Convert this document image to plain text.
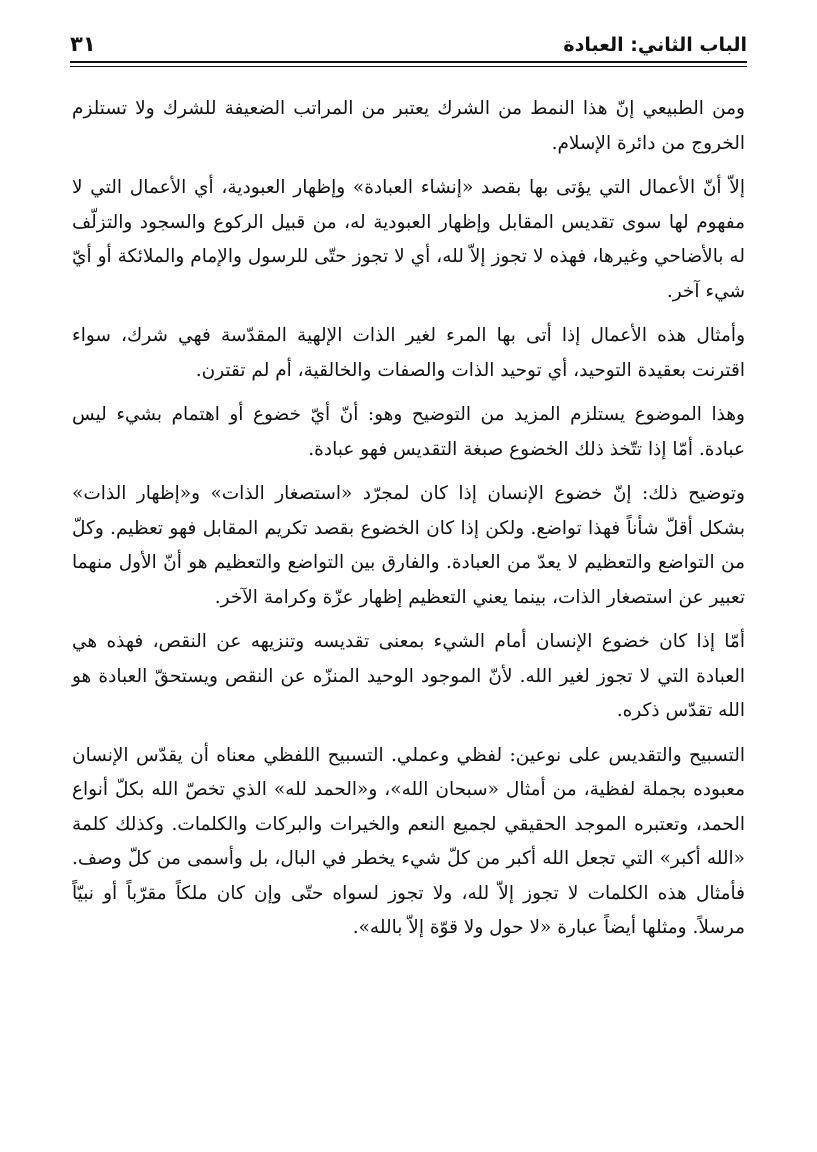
الباب الثاني: العبادة
٣١

ومن الطبيعي إنّ هذا النمط من الشرك يعتبر من المراتب الضعيفة للشرك ولا تستلزم الخروج من دائرة الإسلام.

إلاّ أنّ الأعمال التي يؤتى بها بقصد «إنشاء العبادة» وإظهار العبودية، أي الأعمال التي لا مفهوم لها سوى تقديس المقابل وإظهار العبودية له، من قبيل الركوع والسجود والتزلّف له بالأضاحي وغيرها، فهذه لا تجوز إلاّ لله، أي لا تجوز حتّى للرسول والإمام والملائكة أو أيّ شيء آخر.

وأمثال هذه الأعمال إذا أتى بها المرء لغير الذات الإلهية المقدّسة فهي شرك، سواء اقترنت بعقيدة التوحيد، أي توحيد الذات والصفات والخالقية، أم لم تقترن.

وهذا الموضوع يستلزم المزيد من التوضيح وهو: أنّ أيّ خضوع أو اهتمام بشيء ليس عبادة. أمّا إذا تتّخذ ذلك الخضوع صبغة التقديس فهو عبادة.

وتوضيح ذلك: إنّ خضوع الإنسان إذا كان لمجرّد «استصغار الذات» و«إظهار الذات» بشكل أقلّ شأناً فهذا تواضع. ولكن إذا كان الخضوع بقصد تكريم المقابل فهو تعظيم. وكلّ من التواضع والتعظيم لا يعدّ من العبادة. والفارق بين التواضع والتعظيم هو أنّ الأول منهما تعبير عن استصغار الذات، بينما يعني التعظيم إظهار عزّة وكرامة الآخر.

أمّا إذا كان خضوع الإنسان أمام الشيء بمعنى تقديسه وتنزيهه عن النقص، فهذه هي العبادة التي لا تجوز لغير الله. لأنّ الموجود الوحيد المنزّه عن النقص ويستحقّ العبادة هو الله تقدّس ذكره.

التسبيح والتقديس على نوعين: لفظي وعملي. التسبيح اللفظي معناه أن يقدّس الإنسان معبوده بجملة لفظية، من أمثال «سبحان الله»، و«الحمد لله» الذي تخصّ الله بكلّ أنواع الحمد، وتعتبره الموجد الحقيقي لجميع النعم والخيرات والبركات والكلمات. وكذلك كلمة «الله أكبر» التي تجعل الله أكبر من كلّ شيء يخطر في البال، بل وأسمى من كلّ وصف. فأمثال هذه الكلمات لا تجوز إلاّ لله، ولا تجوز لسواه حتّى وإن كان ملكاً مقرّباً أو نبيّاً مرسلاً. ومثلها أيضاً عبارة «لا حول ولا قوّة إلاّ بالله».
